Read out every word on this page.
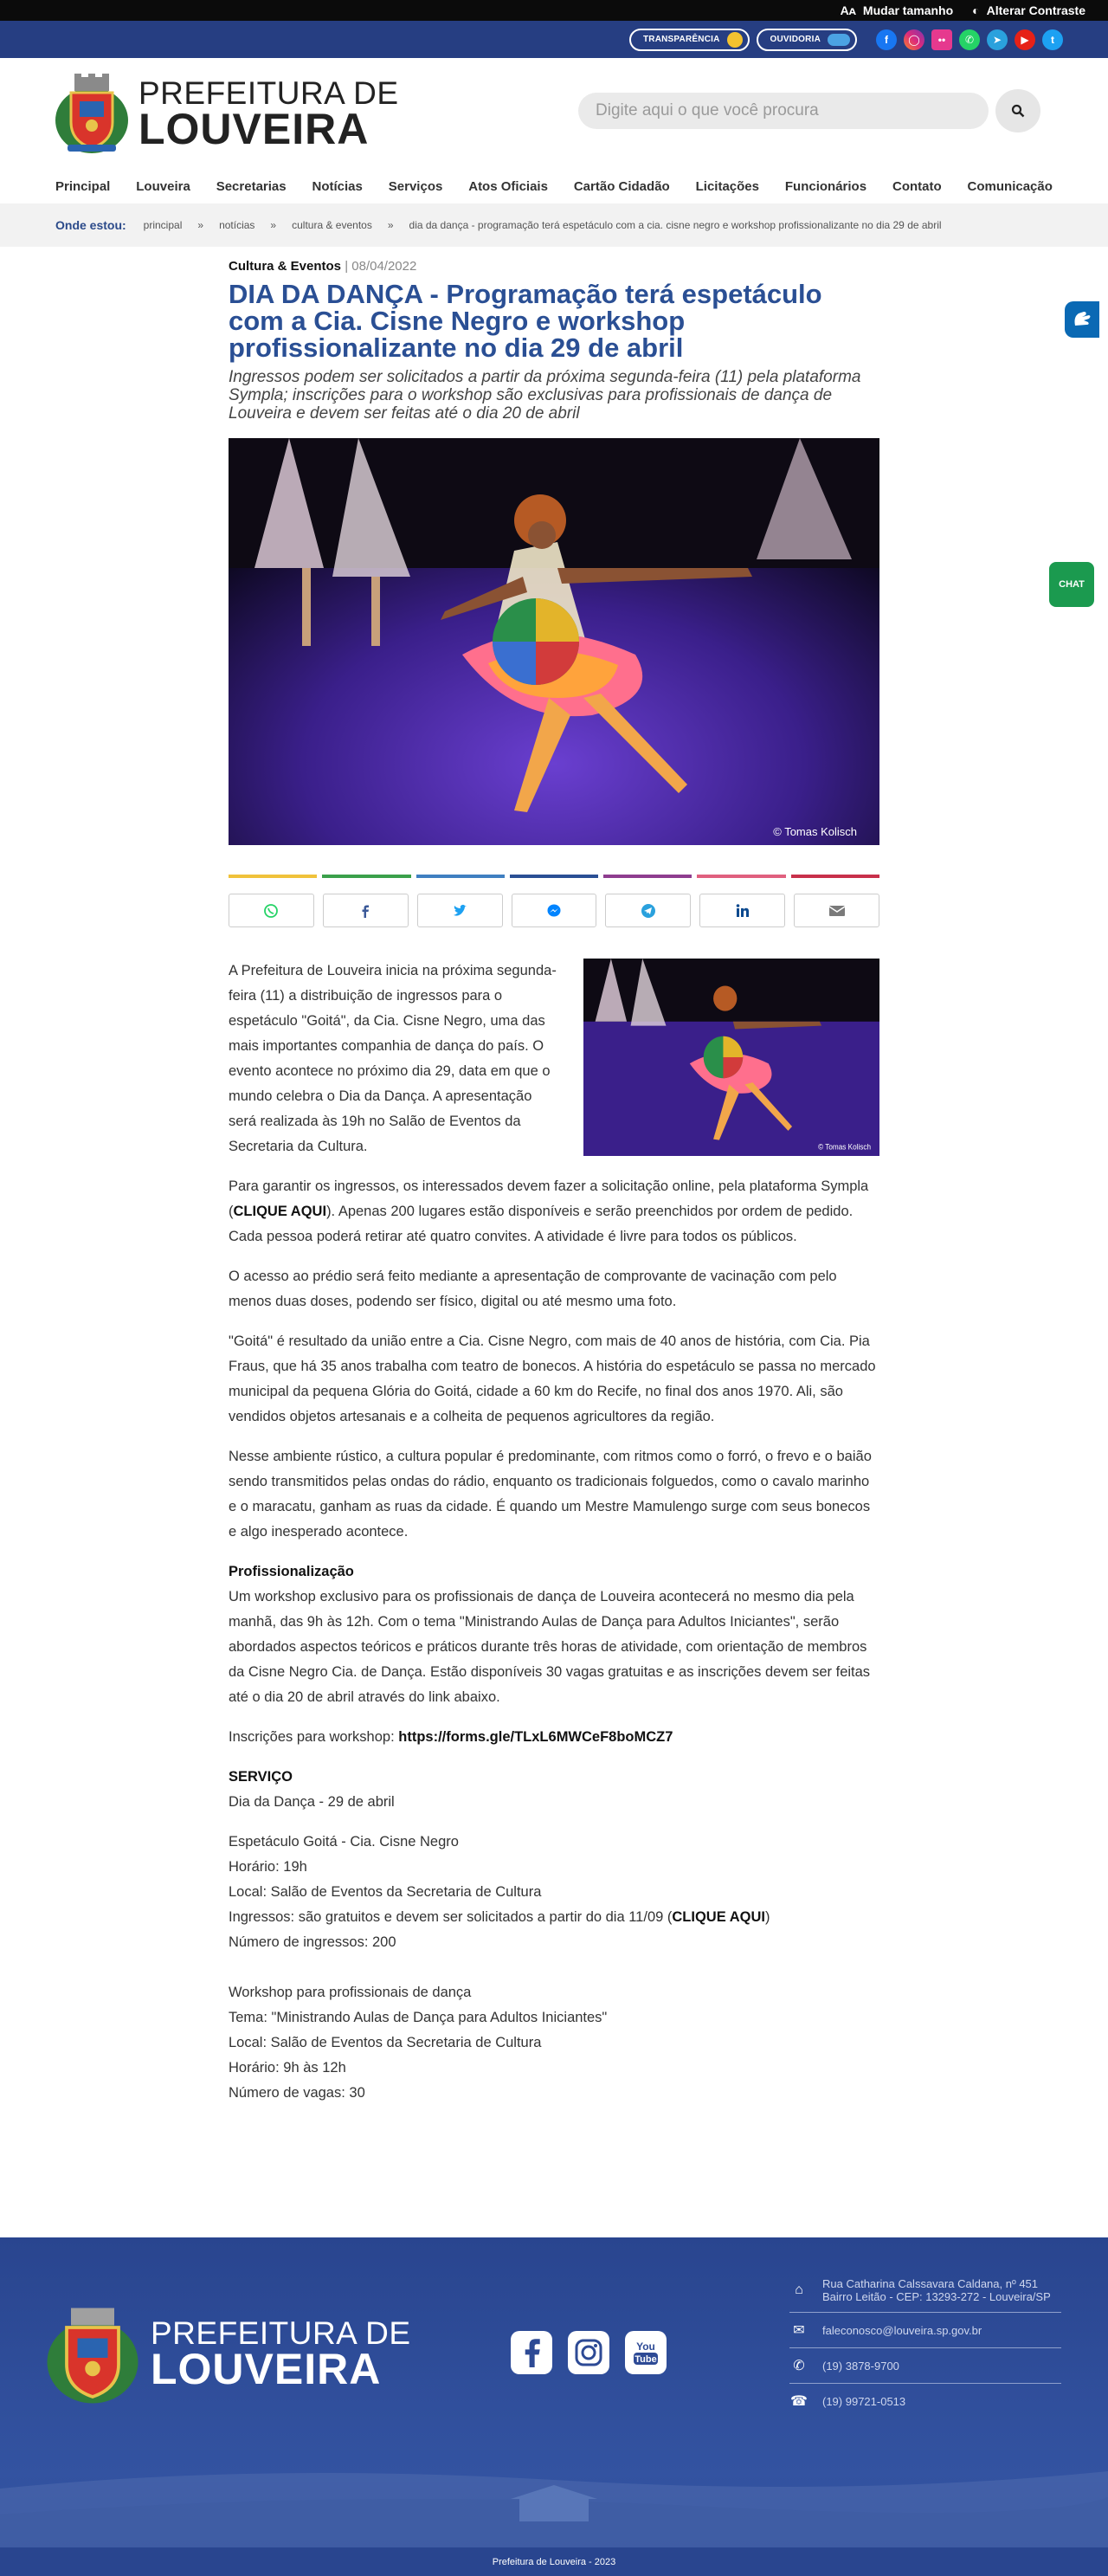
Aᴀ Mudar tamanho ◐ Alterar Contraste
TRANSPARÊNCIA	OUVIDORIA	f	◯	••	✆	➤	▶	t
PREFEITURA DE
LOUVEIRA
Digite aqui o que você procura
Principal Louveira Secretarias Notícias Serviços Atos Oficiais Cartão Cidadão Licitações Funcionários Contato Comunicação
Onde estou: principal » notícias » cultura & eventos » dia da dança - programação terá espetáculo com a cia. cisne negro e workshop profissionalizante no dia 29 de abril
Cultura & Eventos | 08/04/2022
DIA DA DANÇA - Programação terá espetáculo com a Cia. Cisne Negro e workshop profissionalizante no dia 29 de abril
Ingressos podem ser solicitados a partir da próxima segunda-feira (11) pela plataforma Sympla; inscrições para o workshop são exclusivas para profissionais de dança de Louveira e devem ser feitas até o dia 20 de abril
© Tomas Kolisch
© Tomas Kolisch

A Prefeitura de Louveira inicia na próxima segunda-feira (11) a distribuição de ingressos para o espetáculo "Goitá", da Cia. Cisne Negro, uma das mais importantes companhia de dança do país. O evento acontece no próximo dia 29, data em que o mundo celebra o Dia da Dança. A apresentação será realizada às 19h no Salão de Eventos da Secretaria da Cultura.

Para garantir os ingressos, os interessados devem fazer a solicitação online, pela plataforma Sympla (CLIQUE AQUI). Apenas 200 lugares estão disponíveis e serão preenchidos por ordem de pedido. Cada pessoa poderá retirar até quatro convites. A atividade é livre para todos os públicos.

O acesso ao prédio será feito mediante a apresentação de comprovante de vacinação com pelo menos duas doses, podendo ser físico, digital ou até mesmo uma foto.

"Goitá" é resultado da união entre a Cia. Cisne Negro, com mais de 40 anos de história, com Cia. Pia Fraus, que há 35 anos trabalha com teatro de bonecos. A história do espetáculo se passa no mercado municipal da pequena Glória do Goitá, cidade a 60 km do Recife, no final dos anos 1970. Ali, são vendidos objetos artesanais e a colheita de pequenos agricultores da região.

Nesse ambiente rústico, a cultura popular é predominante, com ritmos como o forró, o frevo e o baião sendo transmitidos pelas ondas do rádio, enquanto os tradicionais folguedos, como o cavalo marinho e o maracatu, ganham as ruas da cidade. É quando um Mestre Mamulengo surge com seus bonecos e algo inesperado acontece.

Profissionalização

Um workshop exclusivo para os profissionais de dança de Louveira acontecerá no mesmo dia pela manhã, das 9h às 12h. Com o tema "Ministrando Aulas de Dança para Adultos Iniciantes", serão abordados aspectos teóricos e práticos durante três horas de atividade, com orientação de membros da Cisne Negro Cia. de Dança. Estão disponíveis 30 vagas gratuitas e as inscrições devem ser feitas até o dia 20 de abril através do link abaixo.

Inscrições para workshop: https://forms.gle/TLxL6MWCeF8boMCZ7

SERVIÇO

Dia da Dança - 29 de abril

Espetáculo Goitá - Cia. Cisne Negro
Horário: 19h
Local: Salão de Eventos da Secretaria de Cultura
Ingressos: são gratuitos e devem ser solicitados a partir do dia 11/09 (CLIQUE AQUI)
Número de ingressos: 200

Workshop para profissionais de dança
Tema: "Ministrando Aulas de Dança para Adultos Iniciantes"
Local: Salão de Eventos da Secretaria de Cultura
Horário: 9h às 12h
Número de vagas: 30

CHAT
PREFEITURA DE
LOUVEIRA	You
Tube
⌂	Rua Catharina Calssavara Caldana, nº 451
Bairro Leitão - CEP: 13293-272 - Louveira/SP
✉	faleconosco@louveira.sp.gov.br
✆	(19) 3878-9700
☎ (19) 99721-0513
Prefeitura de Louveira - 2023
